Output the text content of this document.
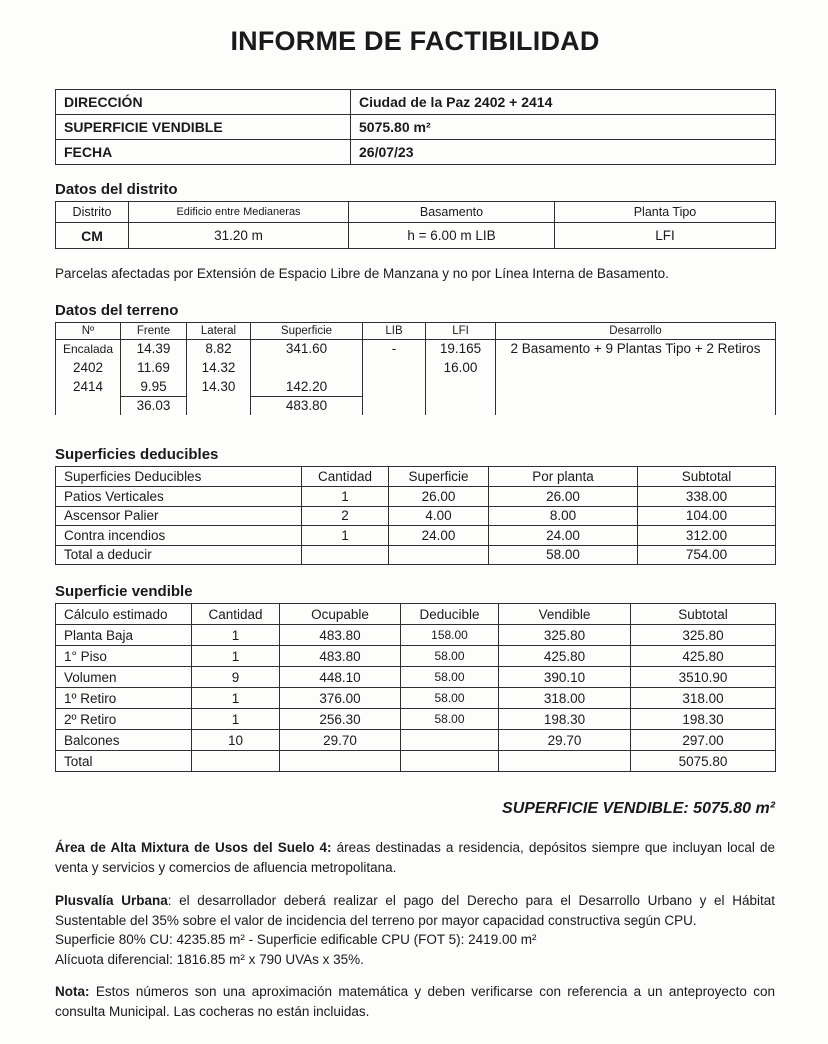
INFORME DE FACTIBILIDAD
DIRECCIÓN	Ciudad de la Paz 2402 + 2414
SUPERFICIE VENDIBLE	5075.80 m²
FECHA	26/07/23
Datos del distrito
Distrito	Edificio entre Medianeras	Basamento	Planta Tipo
CM	31.20 m	h = 6.00 m LIB	LFI

Parcelas afectadas por Extensión de Espacio Libre de Manzana y no por Línea Interna de Basamento.

Datos del terreno
Nº	Frente	Lateral	Superficie	LIB	LFI	Desarrollo
Encalada	14.39	8.82	341.60	-	19.165	2 Basamento + 9 Plantas Tipo + 2 Retiros
2402	11.69	14.32			16.00	
2414	9.95	14.30	142.20			
	36.03		483.80			
Superficies deducibles
Superficies Deducibles	Cantidad	Superficie	Por planta	Subtotal
Patios Verticales	1	26.00	26.00	338.00
Ascensor Palier	2	4.00	8.00	104.00
Contra incendios	1	24.00	24.00	312.00
Total a deducir			58.00	754.00
Superficie vendible
Cálculo estimado	Cantidad	Ocupable	Deducible	Vendible	Subtotal
Planta Baja	1	483.80	158.00	325.80	325.80
1° Piso	1	483.80	58.00	425.80	425.80
Volumen	9	448.10	58.00	390.10	3510.90
1º Retiro	1	376.00	58.00	318.00	318.00
2º Retiro	1	256.30	58.00	198.30	198.30
Balcones	10	29.70		29.70	297.00
Total					5075.80
SUPERFICIE VENDIBLE: 5075.80 m²

Área de Alta Mixtura de Usos del Suelo 4: áreas destinadas a residencia, depósitos siempre que incluyan local de venta y servicios y comercios de afluencia metropolitana.

Plusvalía Urbana: el desarrollador deberá realizar el pago del Derecho para el Desarrollo Urbano y el Hábitat Sustentable del 35% sobre el valor de incidencia del terreno por mayor capacidad constructiva según CPU.

Superficie 80% CU: 4235.85 m² - Superficie edificable CPU (FOT 5): 2419.00 m²

Alícuota diferencial: 1816.85 m² x 790 UVAs x 35%.

Nota: Estos números son una aproximación matemática y deben verificarse con referencia a un anteproyecto con consulta Municipal. Las cocheras no están incluidas.
